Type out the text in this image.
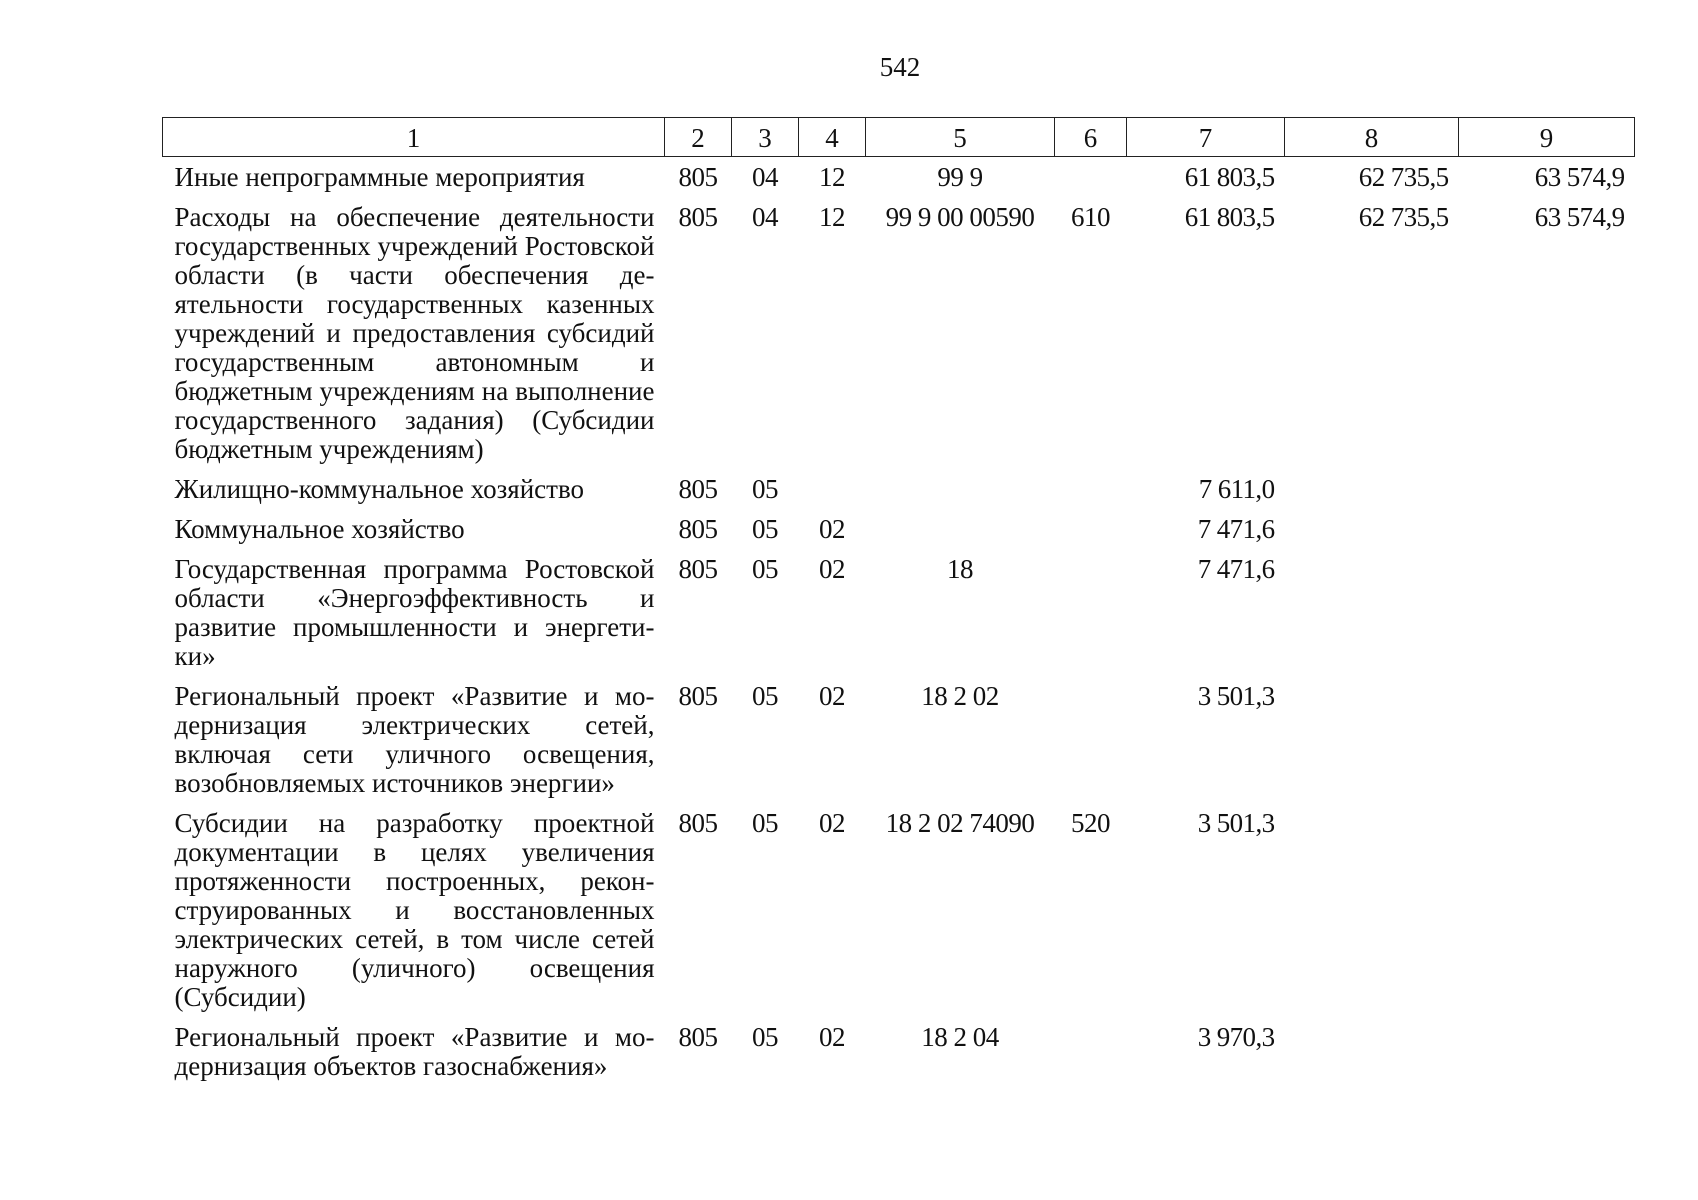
542
1	2	3	4	5	6	7	8	9

Иные непрограммные мероприятия	805	04	12	99 9		61 803,5	62 735,5	63 574,9

Расходы на обеспечение деятельности государственных учреждений Ростовской области (в части обеспечения деятельности государственных казенных учреждений и предоставления субсидий государственным автономным и бюджетным учреждениям на выполнение государственного задания) (Субсидии бюджетным учреждениям)	805	04	12	99 9 00 00590	610	61 803,5	62 735,5	63 574,9

Жилищно-коммунальное хозяйство	805	05				7 611,0		

Коммунальное хозяйство	805	05	02			7 471,6		

Государственная программа Ростовской области «Энергоэффективность и развитие промышленности и энергетики»	805	05	02	18		7 471,6		

Региональный проект «Развитие и модернизация электрических сетей, включая сети уличного освещения, возобновляемых источников энергии»	805	05	02	18 2 02		3 501,3		

Субсидии на разработку проектной документации в целях увеличения протяженности построенных, реконструированных и восстановленных электрических сетей, в том числе сетей наружного (уличного) освещения (Субсидии)	805	05	02	18 2 02 74090	520	3 501,3		

Региональный проект «Развитие и модернизация объектов газоснабжения»	805	05	02	18 2 04		3 970,3		
